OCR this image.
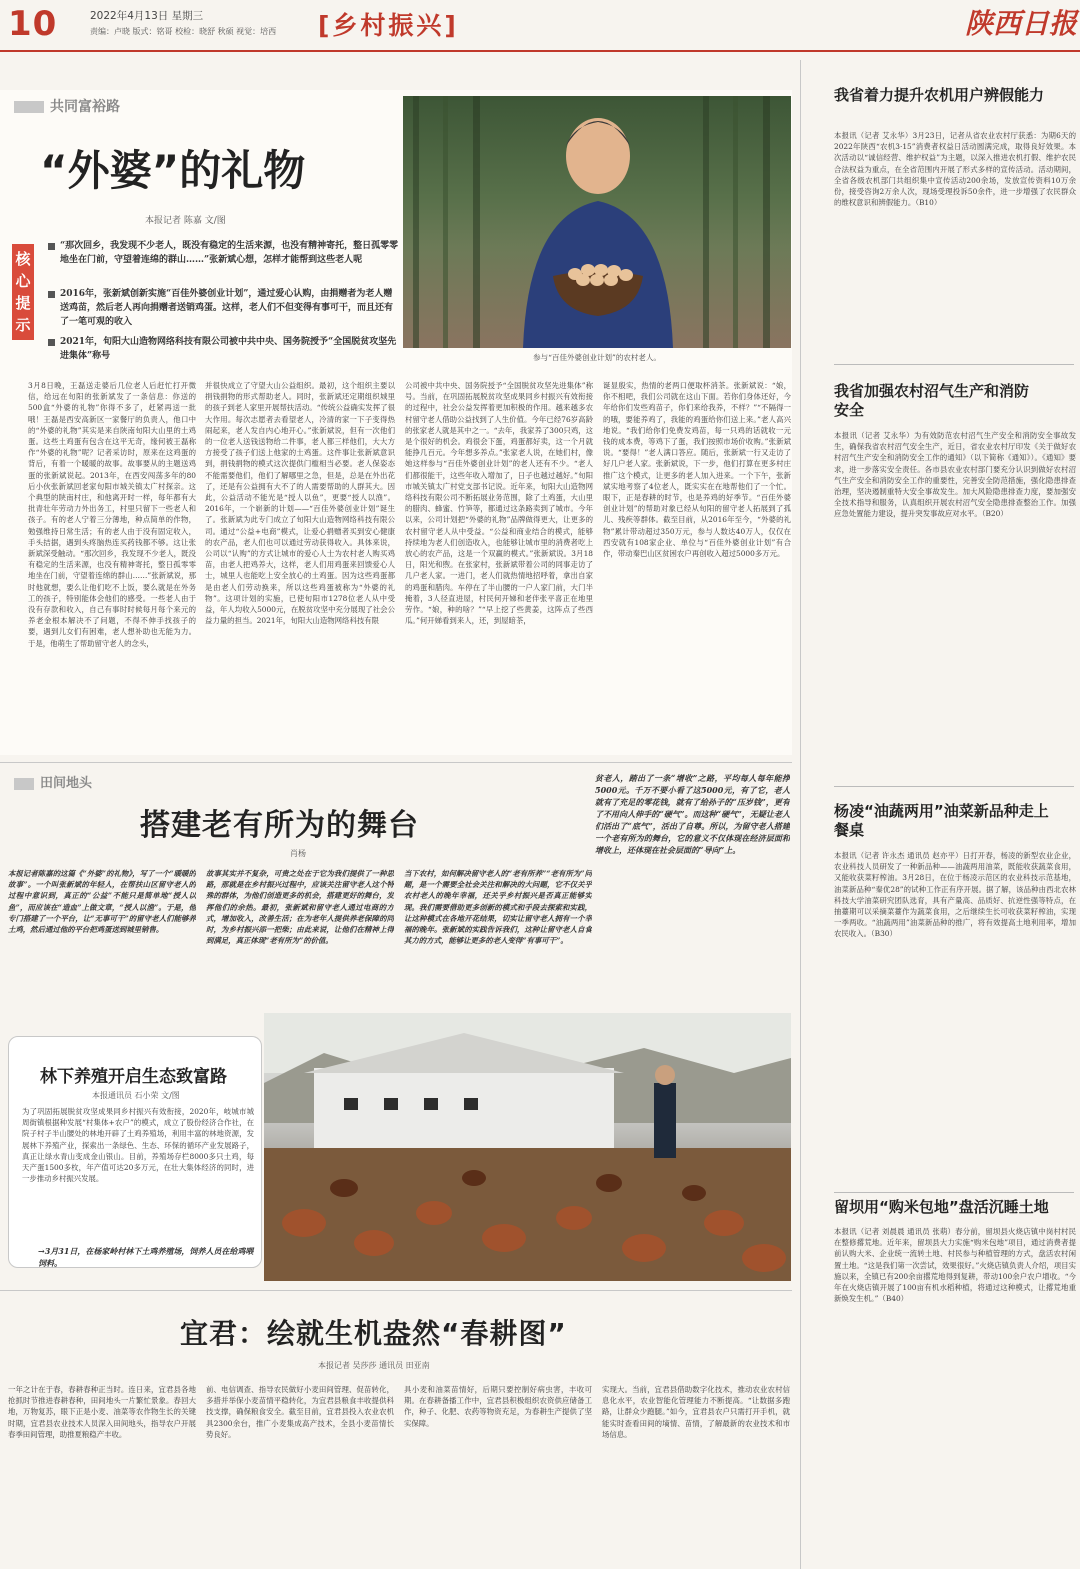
10	2022年4月13日 星期三
责编：卢晓 版式：铭哥 校检：晓舒 秋硕 视觉：培西 [乡村振兴]	陕西日报
共同富裕路
“外婆”的礼物
本报记者 陈嘉 文/图
核心提示
“那次回乡，我发现不少老人，既没有稳定的生活来源，也没有精神寄托，整日孤零零地坐在门前，守望着连绵的群山……”张新斌心想，怎样才能帮到这些老人呢
2016年，张新斌创新实施“百佳外婆创业计划”，通过爱心认购，由捐赠者为老人赠送鸡苗，然后老人再向捐赠者送销鸡蛋。这样，老人们不但变得有事可干，而且还有了一笔可观的收入
2021年，旬阳大山造物网络科技有限公司被中共中央、国务院授予“全国脱贫攻坚先进集体”称号	参与“百佳外婆创业计划”的农村老人。
3月8日晚，王磊送走婆后几位老人后赶忙打开微信，给远在旬阳的张新斌发了一条信息：你送的500盒“外婆的礼物”你得不多了，赶紧再送一批哦！王磊是西安高新区一家餐厅的负责人，他口中的“外婆的礼物”其实是来自陕南旬阳大山里的土鸡蛋。这些土鸡蛋有包含在这平无奇，缘何被王磊称作“外婆的礼物”呢？记者采访时，原来在这鸡蛋的背后，有着一个暖暖的故事。故事要从的主题送鸡蛋的张新斌说起。2013年，在西安闯荡多年的80后小伙张新斌回老家旬阳市城关镇太广村探亲。这个典型的陕南村庄，和他离开时一样，每年都有大批青壮年劳动力外出务工，村里只留下一些老人和孩子。有的老人宁着三分薄地，种点简单的作物，勉强维持日常生活；有的老人由于没有固定收入，手头拮据，遇到头疼脑热连买药钱都不够。这让张新斌深受触动。“那次回乡，我发现不少老人，既没有稳定的生活来源，也没有精神寄托，整日孤零零地坐在门前，守望着连绵的群山……”张新斌说，那时他就想，要么让他们吃不上饭，要么就是在外务工的孩子，特别能体会他们的感受。一些老人由于没有存款和收入，自己有事时时候每月每个来元的养老金根本解决不了问题，不得不伸手找孩子的要，遇到儿女们有困难，老人想补助也无能为力。于是，他萌生了帮助留守老人的念头，
并很快成立了守望大山公益组织。最初，这个组织主要以捐钱捐物的形式帮助老人。同时，张新斌还定期组织城里的孩子到老人家里开展帮扶活动。“传统公益确实发挥了很大作用。每次志愿者去看望老人，冷清的家一下子变得热闹起来，老人发自内心地开心。”张新斌说，但有一次他们的一位老人送钱送物给二件事，老人都三样他们，大大方方接受了孩子们送上他家的土鸡蛋。这件事让张新斌意识到，捐钱捐物的模式这次提供门槛相当必要。老人保姿态不能需要他们，他们了解哪里之急，但是，总是在外出花了，还是有公益拥有大不了的人需要帮助的人群其大。因此，公益活动不能光是“授人以鱼”，更要“授人以渔”。2016年，一个崭新的计划——“百佳外婆创业计划”诞生了。张新斌为此专门成立了旬阳大山造物网络科技有限公司。通过“公益+电商”模式，让爱心捐赠者买到安心健康的农产品，老人们也可以通过劳动获得收入。具体来说，公司以“认购”的方式让城市的爱心人士为农村老人购买鸡苗，由老人把鸡养大，这样，老人们用鸡蛋来回馈爱心人士，城里人也能吃上安全放心的土鸡蛋。因为这些鸡蛋都是由老人们劳动换来，所以这些鸡蛋被称为“外婆的礼物”。这项计划的实施，已使旬阳市1278位老人从中受益，年人均收入5000元，在脱贫攻坚中充分展现了社会公益力量的担当。2021年，旬阳大山造物网络科技有限
公司被中共中央、国务院授予“全国脱贫攻坚先进集体”称号。当前，在巩固拓展脱贫攻坚成果同乡村振兴有效衔接的过程中，社会公益发挥着更加积极的作用。越来越多农村留守老人借助公益找到了人生价值。今年已经76岁高龄的张家老人就是其中之一。“去年，我家养了300只鸡，这是个很好的机会。鸡很会下蛋，鸡蛋都好卖，这一个月就能挣几百元。今年想多养点。”张家老人说，在她们村，像她这样参与“百佳外婆创业计划”的老人还有不少。“老人们都很能干，这些年收入增加了，日子也越过越好。”旬阳市城关镇太广村党支部书记说。近年来，旬阳大山造物网络科技有限公司不断拓展业务范围，除了土鸡蛋，大山里的腊肉、蜂蜜、竹笋等，都通过这条路卖到了城市。今年以来，公司计划把“外婆的礼物”品牌做得更大，让更多的农村留守老人从中受益。“公益和商业结合的模式，能够持续地为老人们创造收入，也能够让城市里的消费者吃上放心的农产品，这是一个双赢的模式。”张新斌说。3月18日，阳光和煦。在张家村，张新斌带着公司的同事走访了几户老人家。一进门，老人们就热情地招呼着，拿出自家的鸡蛋和腊肉。车停在了半山腰的一户人家门前，大门半掩着，3人径直进屋，村民何开娣和老伴张平喜正在地里劳作。“娘，种的啥？”“早上挖了些黄姜，这阵点了些西瓜。”何开娣看到来人，还，到屋暗茶，
诞显殷实，热情的老两口便取杯消茶。张新斌说：“娘，你不相吧，我们公司就在这山下面。若你们身体还好，今年给你们发些鸡苗子，你们来给我养，不样？”“不隔得一的哦，要能养鸡了，我能的鸡蛋给你们送上来。”老人高兴地说。“我们给你们免费发鸡苗，每一只鸡的话就收一元钱的成本费，等鸡下了蛋，我们按照市场价收购。”张新斌说。“要得！”老人满口答应。随后，张新斌一行又走访了好几户老人家。张新斌说，下一步，他们打算在更多村庄推广这个模式，让更多的老人加入进来。一个下午，张新斌实地考察了4位老人，既实实在在地帮他们了一个忙。眼下，正是春耕的时节，也是养鸡的好季节。“百佳外婆创业计划”的帮助对象已经从旬阳的留守老人拓展到了孤儿、残疾等群体。截至目前，从2016年至今，“外婆的礼物”累计带动超过350万元，参与人数达40万人，仅仅在西安就有108家企业、单位与“百佳外婆创业计划”有合作，带动秦巴山区贫困农户再创收入超过5000多万元。
田间地头
搭建老有所为的舞台
肖杨
贫老人，踏出了一条“增收”之路，平均每人每年能挣5000元。千万不要小看了这5000元，有了它，老人就有了充足的零花钱，就有了给孙子的“压岁钱”，更有了不用向人伸手的“硬气”。而这种“硬气”，无疑让老人们活出了“底气”，活出了自尊。所以，为留守老人搭建一个老有所为的舞台，它的意义不仅体现在经济层面和增收上，还体现在社会层面的“导向”上。
本报记者陈嘉的这篇《“外婆”的礼物》，写了一个“暖暖的故事”。一个叫张新斌的年轻人，在帮扶山区留守老人的过程中意识到，真正的“公益”不能只是简单地“授人以鱼”，而应该在“造血”上做文章，“授人以渔”。于是，他专门搭建了一个平台，让“无事可干”的留守老人们能够养土鸡，然后通过他的平台把鸡蛋送到城里销售。
故事其实并不复杂，可贵之处在于它为我们提供了一种思路，那就是在乡村振兴过程中，应该关注留守老人这个特殊的群体，为他们创造更多的机会，搭建更好的舞台，发挥他们的余热。最初，张新斌和留守老人通过电商的方式，增加收入，改善生活；在为老年人提供养老保障的同时，为乡村振兴添一把柴；由此来说，让他们在精神上得到满足，真正体现“老有所为”的价值。
当下农村，如何解决留守老人的“老有所养”“老有所为”问题，是一个需要全社会关注和解决的大问题，它不仅关乎农村老人的晚年幸福，还关乎乡村振兴是否真正能够实现。我们需要借助更多创新的模式和手段去探索和实践，让这种模式在各地开花结果，切实让留守老人拥有一个幸福的晚年。张新斌的实践告诉我们，这种让留守老人自食其力的方式，能够让更多的老人变得“有事可干”。
林下养殖开启生态致富路
本报通讯员 石小荣 文/图
为了巩固拓展脱贫攻坚成果同乡村振兴有效衔接，2020年，岐城市城周街镇根据种发展“村集体+农户”的模式，成立了股份经济合作社，在院子村子半山腰处的林地开辟了土鸡养殖场，利用丰富的林地资源，发展林下养殖产业，探索出一条绿色、生态、环保的循环产业发展路子，真正让绿水青山变成金山银山。目前，养殖场存栏8000多只土鸡，每天产蛋1500多枚，年产值可达20多万元，在壮大集体经济的同时，进一步推动乡村振兴发展。
→3月31日，在杨家岭村林下土鸡养殖场，饲养人员在给鸡喂饲料。
宜君：绘就生机盎然“春耕图”
本报记者 吴莎莎 通讯员 田亚南
一年之计在于春，春耕春种正当时。连日来，宜君县各地抢抓时节推进春耕春种，田间地头一片繁忙景象。春回大地，万物复苏，眼下正是小麦、油菜等农作物生长的关键时期，宜君县农业技术人员深入田间地头，指导农户开展春季田间管理，助推夏粮稳产丰收。
前、电信调查、指导农民做好小麦田间管理、促苗转化，多措并举保小麦苗情平稳转化，为宜君县粮食丰收提供科技支撑，确保粮食安全。截至目前，宜君县投入农业农机具2300余台，推广小麦集成高产技术，全县小麦苗情长势良好。
具小麦和油菜苗情好，后期只要控制好病虫害，丰收可期。在春耕备播工作中，宜君县积极组织农资供应储备工作，种子、化肥、农药等物资充足，为春耕生产提供了坚实保障。
实现大。当前，宜君县借助数字化技术，推动农业农村信息化水平，农业智能化管理能力不断提高。“让数据多跑路，让群众少跑腿。”如今，宜君县农户只需打开手机，就能实时查看田间的墒情、苗情，了解最新的农业技术和市场信息。
我省着力提升农机用户辨假能力
本报讯（记者 艾永华）3月23日，记者从省农业农村厅获悉：为期6天的2022年陕西“农机3·15”消费者权益日活动圆满完成，取得良好效果。本次活动以“诚信经营、维护权益”为主题，以深入推进农机打假、维护农民合法权益为重点，在全省范围内开展了形式多样的宣传活动。活动期间，全省各级农机部门共组织集中宣传活动200余场，发放宣传资料10万余份，接受咨询2万余人次，现场受理投诉50余件，进一步增强了农民群众的维权意识和辨假能力。（B10）
我省加强农村沼气生产和消防安全
本报讯（记者 艾永华）为有效防范农村沼气生产安全和消防安全事故发生，确保我省农村沼气安全生产，近日，省农业农村厅印发《关于做好农村沼气生产安全和消防安全工作的通知》（以下简称《通知》）。《通知》要求，进一步落实安全责任。各市县农业农村部门要充分认识到做好农村沼气生产安全和消防安全工作的重要性，完善安全防范措施，强化隐患排查治理，坚决遏制重特大安全事故发生。加大风险隐患排查力度，要加强安全技术指导和服务，认真组织开展农村沼气安全隐患排查整治工作。加强应急处置能力建设，提升突发事故应对水平。（B20）
杨凌“油蔬两用”油菜新品种走上餐桌
本报讯（记者 许永杰 通讯员 赵亦平）日打开春，杨凌的新型农业企业，农业科技人员研发了一种新品种——油蔬两用油菜，既能收获蔬菜食用，又能收获菜籽榨油。3月28日，在位于杨凌示范区的农业科技示范基地，油菜新品种“秦优28”的试种工作正有序开展。据了解，该品种由西北农林科技大学油菜研究团队选育，具有产量高、品质好、抗逆性强等特点，在抽薹期可以采摘菜薹作为蔬菜食用，之后继续生长可收获菜籽榨油，实现一季两收。“油蔬两用”油菜新品种的推广，将有效提高土地利用率，增加农民收入。（B30）
留坝用“购米包地”盘活沉睡土地
本报讯（记者 刘晨晨 通讯员 张萌）春分前，留坝县火烧店镇中岗村村民在整修撂荒地。近年来，留坝县大力实施“购米包地”项目，通过消费者提前认购大米、企业统一流转土地、村民参与种植管理的方式，盘活农村闲置土地。“这是我们第一次尝试，效果很好。”火烧店镇负责人介绍，项目实施以来，全镇已有200余亩撂荒地得到复耕，带动100余户农户增收。“今年在火烧店镇开展了100亩有机水稻种植，将通过这种模式，让撂荒地重新焕发生机。”（B40）
